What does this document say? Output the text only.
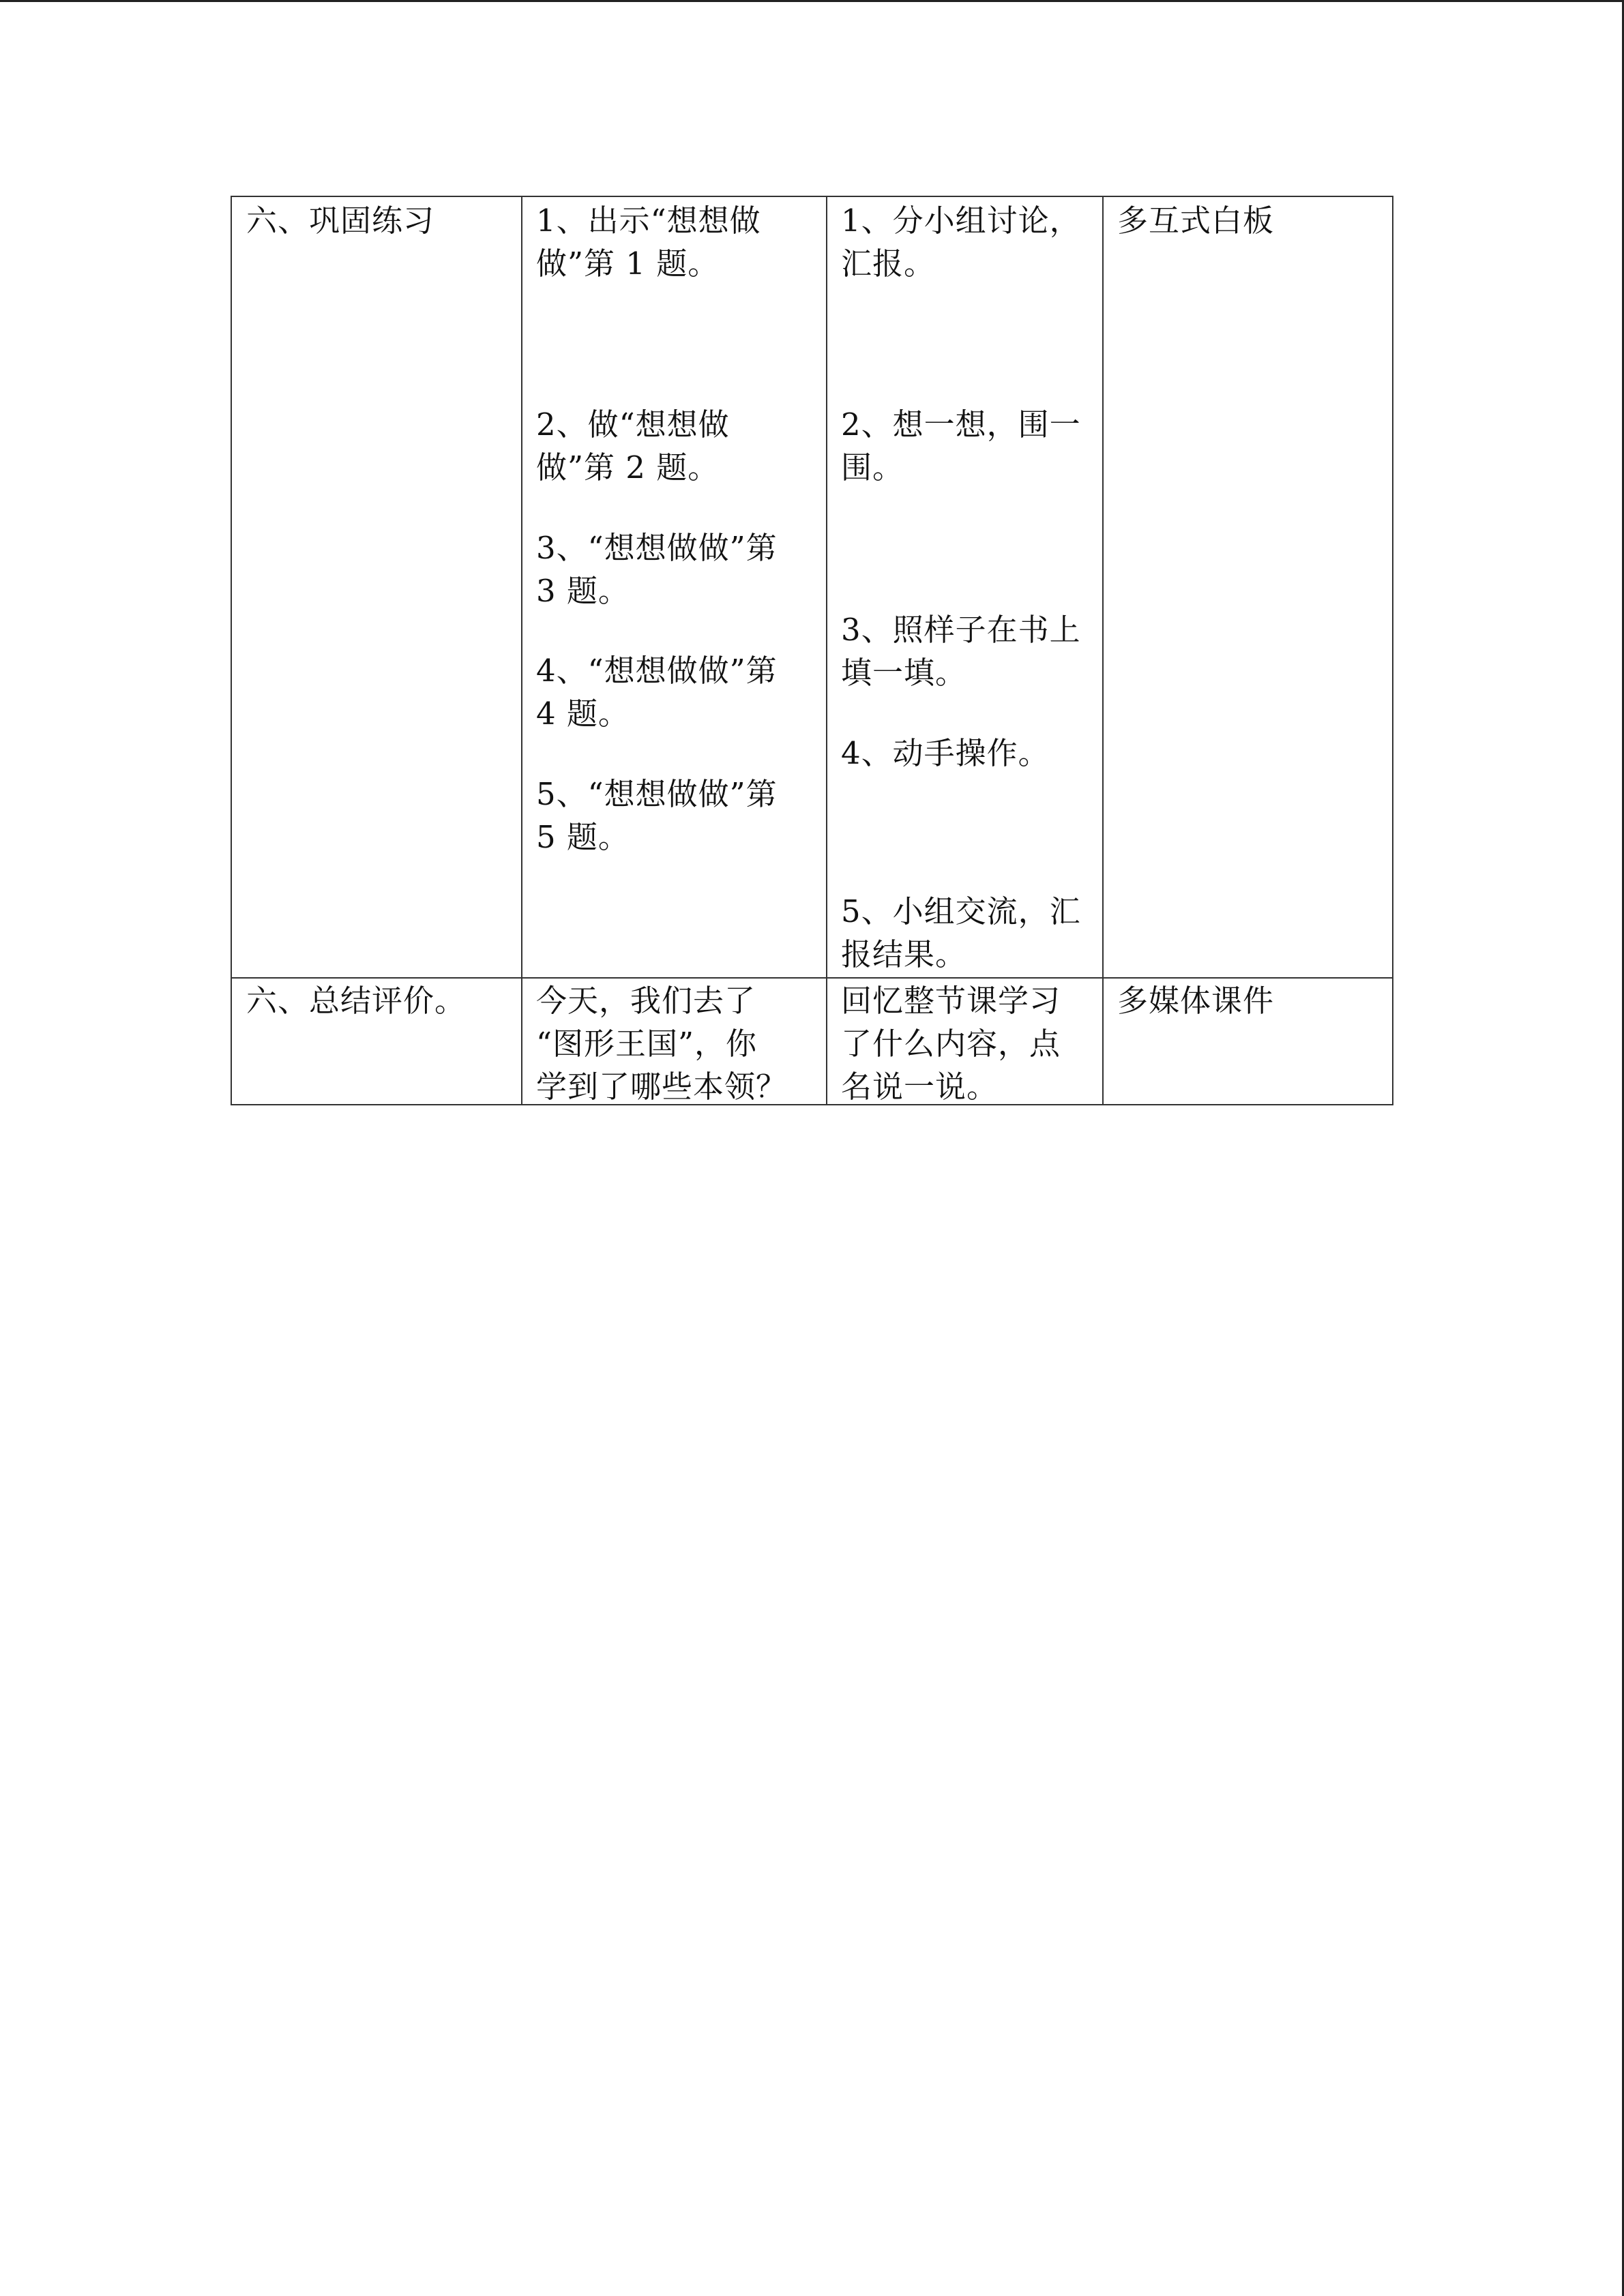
六、巩固练习	1、出示“想想做
做”第 1 题。
2、做“想想做
做”第 2 题。
3、“想想做做”第
3 题。
4、“想想做做”第
4 题。
5、“想想做做”第
5 题。
1、分小组讨论，
汇报。
2、想一想，围一
围。
3、照样子在书上
填一填。
4、动手操作。
5、小组交流，汇
报结果。
多互式白板
六、总结评价。 今天，我们去了
“图形王国”，你
学到了哪些本领？
回忆整节课学习
了什么内容，点
名说一说。
多媒体课件
